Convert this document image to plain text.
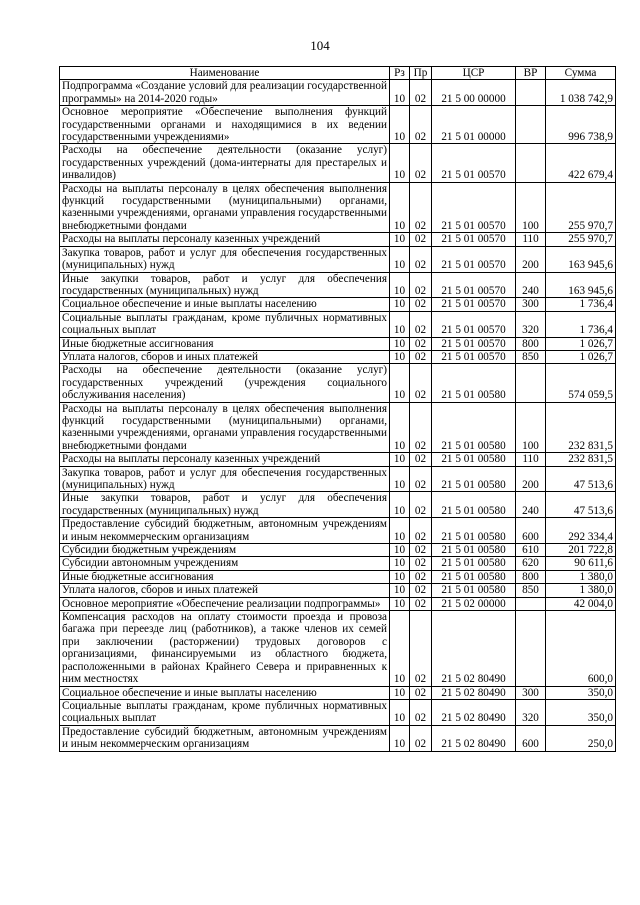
104
Наименование	Рз	Пр	ЦСР	ВР	Сумма
Подпрограмма «Создание условий для реализации государственной программы» на 2014-2020 годы»	10	02	21 5 00 00000		1 038 742,9
Основное мероприятие «Обеспечение выполнения функций государственными органами и находящимися в их ведении государственными учреждениями»	10	02	21 5 01 00000		996 738,9
Расходы на обеспечение деятельности (оказание услуг) государственных учреждений (дома-интернаты для престарелых и инвалидов)	10	02	21 5 01 00570		422 679,4
Расходы на выплаты персоналу в целях обеспечения выполнения функций государственными (муниципальными) органами, казенными учреждениями, органами управления государственными внебюджетными фондами	10	02	21 5 01 00570	100	255 970,7
Расходы на выплаты персоналу казенных учреждений	10	02	21 5 01 00570	110	255 970,7
Закупка товаров, работ и услуг для обеспечения государственных (муниципальных) нужд	10	02	21 5 01 00570	200	163 945,6
Иные закупки товаров, работ и услуг для обеспечения государственных (муниципальных) нужд	10	02	21 5 01 00570	240	163 945,6
Социальное обеспечение и иные выплаты населению	10	02	21 5 01 00570	300	1 736,4
Социальные выплаты гражданам, кроме публичных нормативных социальных выплат	10	02	21 5 01 00570	320	1 736,4
Иные бюджетные ассигнования	10	02	21 5 01 00570	800	1 026,7
Уплата налогов, сборов и иных платежей	10	02	21 5 01 00570	850	1 026,7
Расходы на обеспечение деятельности (оказание услуг) государственных учреждений (учреждения социального обслуживания населения)	10	02	21 5 01 00580		574 059,5
Расходы на выплаты персоналу в целях обеспечения выполнения функций государственными (муниципальными) органами, казенными учреждениями, органами управления государственными внебюджетными фондами	10	02	21 5 01 00580	100	232 831,5
Расходы на выплаты персоналу казенных учреждений	10	02	21 5 01 00580	110	232 831,5
Закупка товаров, работ и услуг для обеспечения государственных (муниципальных) нужд	10	02	21 5 01 00580	200	47 513,6
Иные закупки товаров, работ и услуг для обеспечения государственных (муниципальных) нужд	10	02	21 5 01 00580	240	47 513,6
Предоставление субсидий бюджетным, автономным учреждениям и иным некоммерческим организациям	10	02	21 5 01 00580	600	292 334,4
Субсидии бюджетным учреждениям	10	02	21 5 01 00580	610	201 722,8
Субсидии автономным учреждениям	10	02	21 5 01 00580	620	90 611,6
Иные бюджетные ассигнования	10	02	21 5 01 00580	800	1 380,0
Уплата налогов, сборов и иных платежей	10	02	21 5 01 00580	850	1 380,0
Основное мероприятие «Обеспечение реализации подпрограммы»	10	02	21 5 02 00000		42 004,0
Компенсация расходов на оплату стоимости проезда и провоза багажа при переезде лиц (работников), а также членов их семей при заключении (расторжении) трудовых договоров с организациями, финансируемыми из областного бюджета, расположенными в районах Крайнего Севера и приравненных к ним местностях	10	02	21 5 02 80490		600,0
Социальное обеспечение и иные выплаты населению	10	02	21 5 02 80490	300	350,0
Социальные выплаты гражданам, кроме публичных нормативных социальных выплат	10	02	21 5 02 80490	320	350,0
Предоставление субсидий бюджетным, автономным учреждениям и иным некоммерческим организациям	10	02	21 5 02 80490	600	250,0
